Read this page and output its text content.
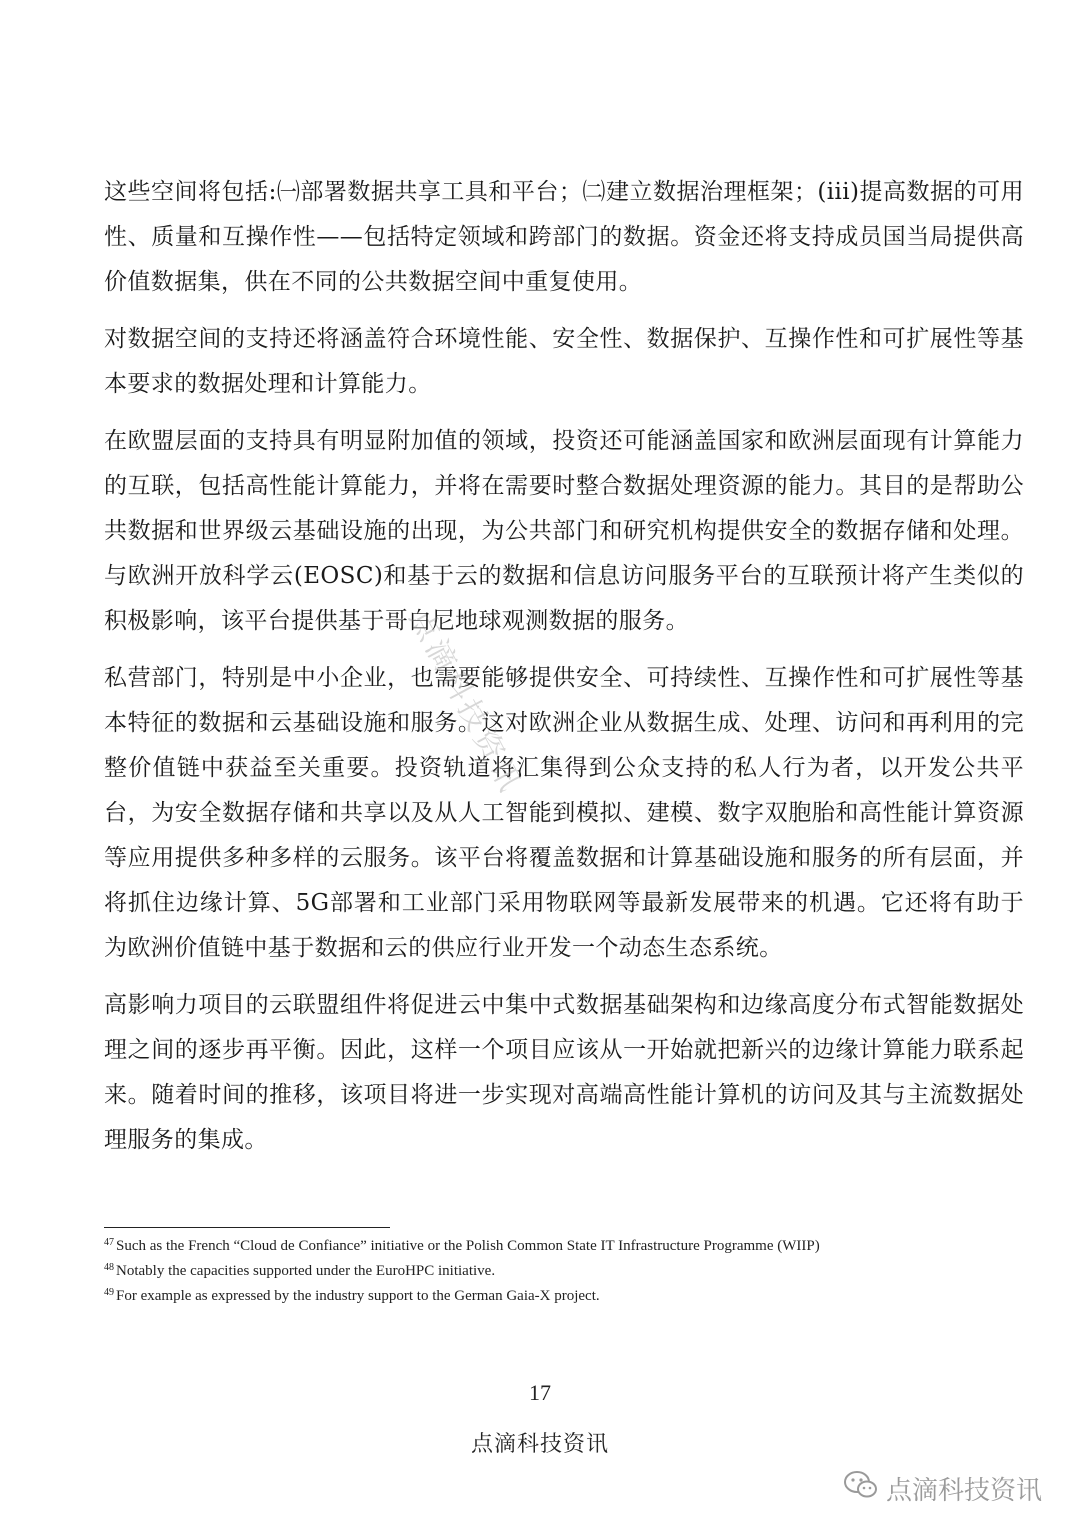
这些空间将包括:㈠部署数据共享工具和平台；㈡建立数据治理框架；(iii)提高数据的可用性、质量和互操作性——包括特定领域和跨部门的数据。资金还将支持成员国当局提供高价值数据集，供在不同的公共数据空间中重复使用。

对数据空间的支持还将涵盖符合环境性能、安全性、数据保护、互操作性和可扩展性等基本要求的数据处理和计算能力。

在欧盟层面的支持具有明显附加值的领域，投资还可能涵盖国家和欧洲层面现有计算能力的互联，包括高性能计算能力，并将在需要时整合数据处理资源的能力。其目的是帮助公共数据和世界级云基础设施的出现，为公共部门和研究机构提供安全的数据存储和处理。与欧洲开放科学云(EOSC)和基于云的数据和信息访问服务平台的互联预计将产生类似的积极影响，该平台提供基于哥白尼地球观测数据的服务。

私营部门，特别是中小企业，也需要能够提供安全、可持续性、互操作性和可扩展性等基本特征的数据和云基础设施和服务。这对欧洲企业从数据生成、处理、访问和再利用的完整价值链中获益至关重要。投资轨道将汇集得到公众支持的私人行为者，以开发公共平台，为安全数据存储和共享以及从人工智能到模拟、建模、数字双胞胎和高性能计算资源等应用提供多种多样的云服务。该平台将覆盖数据和计算基础设施和服务的所有层面，并将抓住边缘计算、5G部署和工业部门采用物联网等最新发展带来的机遇。它还将有助于为欧洲价值链中基于数据和云的供应行业开发一个动态生态系统。

高影响力项目的云联盟组件将促进云中集中式数据基础架构和边缘高度分布式智能数据处理之间的逐步再平衡。因此，这样一个项目应该从一开始就把新兴的边缘计算能力联系起来。随着时间的推移，该项目将进一步实现对高端高性能计算机的访问及其与主流数据处理服务的集成。

$^{47}$ Such as the French “Cloud de Confiance” initiative or the Polish Common State IT Infrastructure Programme (WIIP)

$^{48}$ Notably the capacities supported under the EuroHPC initiative.

$^{49}$ For example as expressed by the industry support to the German Gaia-X project.

17
点滴科技资讯
点滴科技资讯
点滴科技资讯
